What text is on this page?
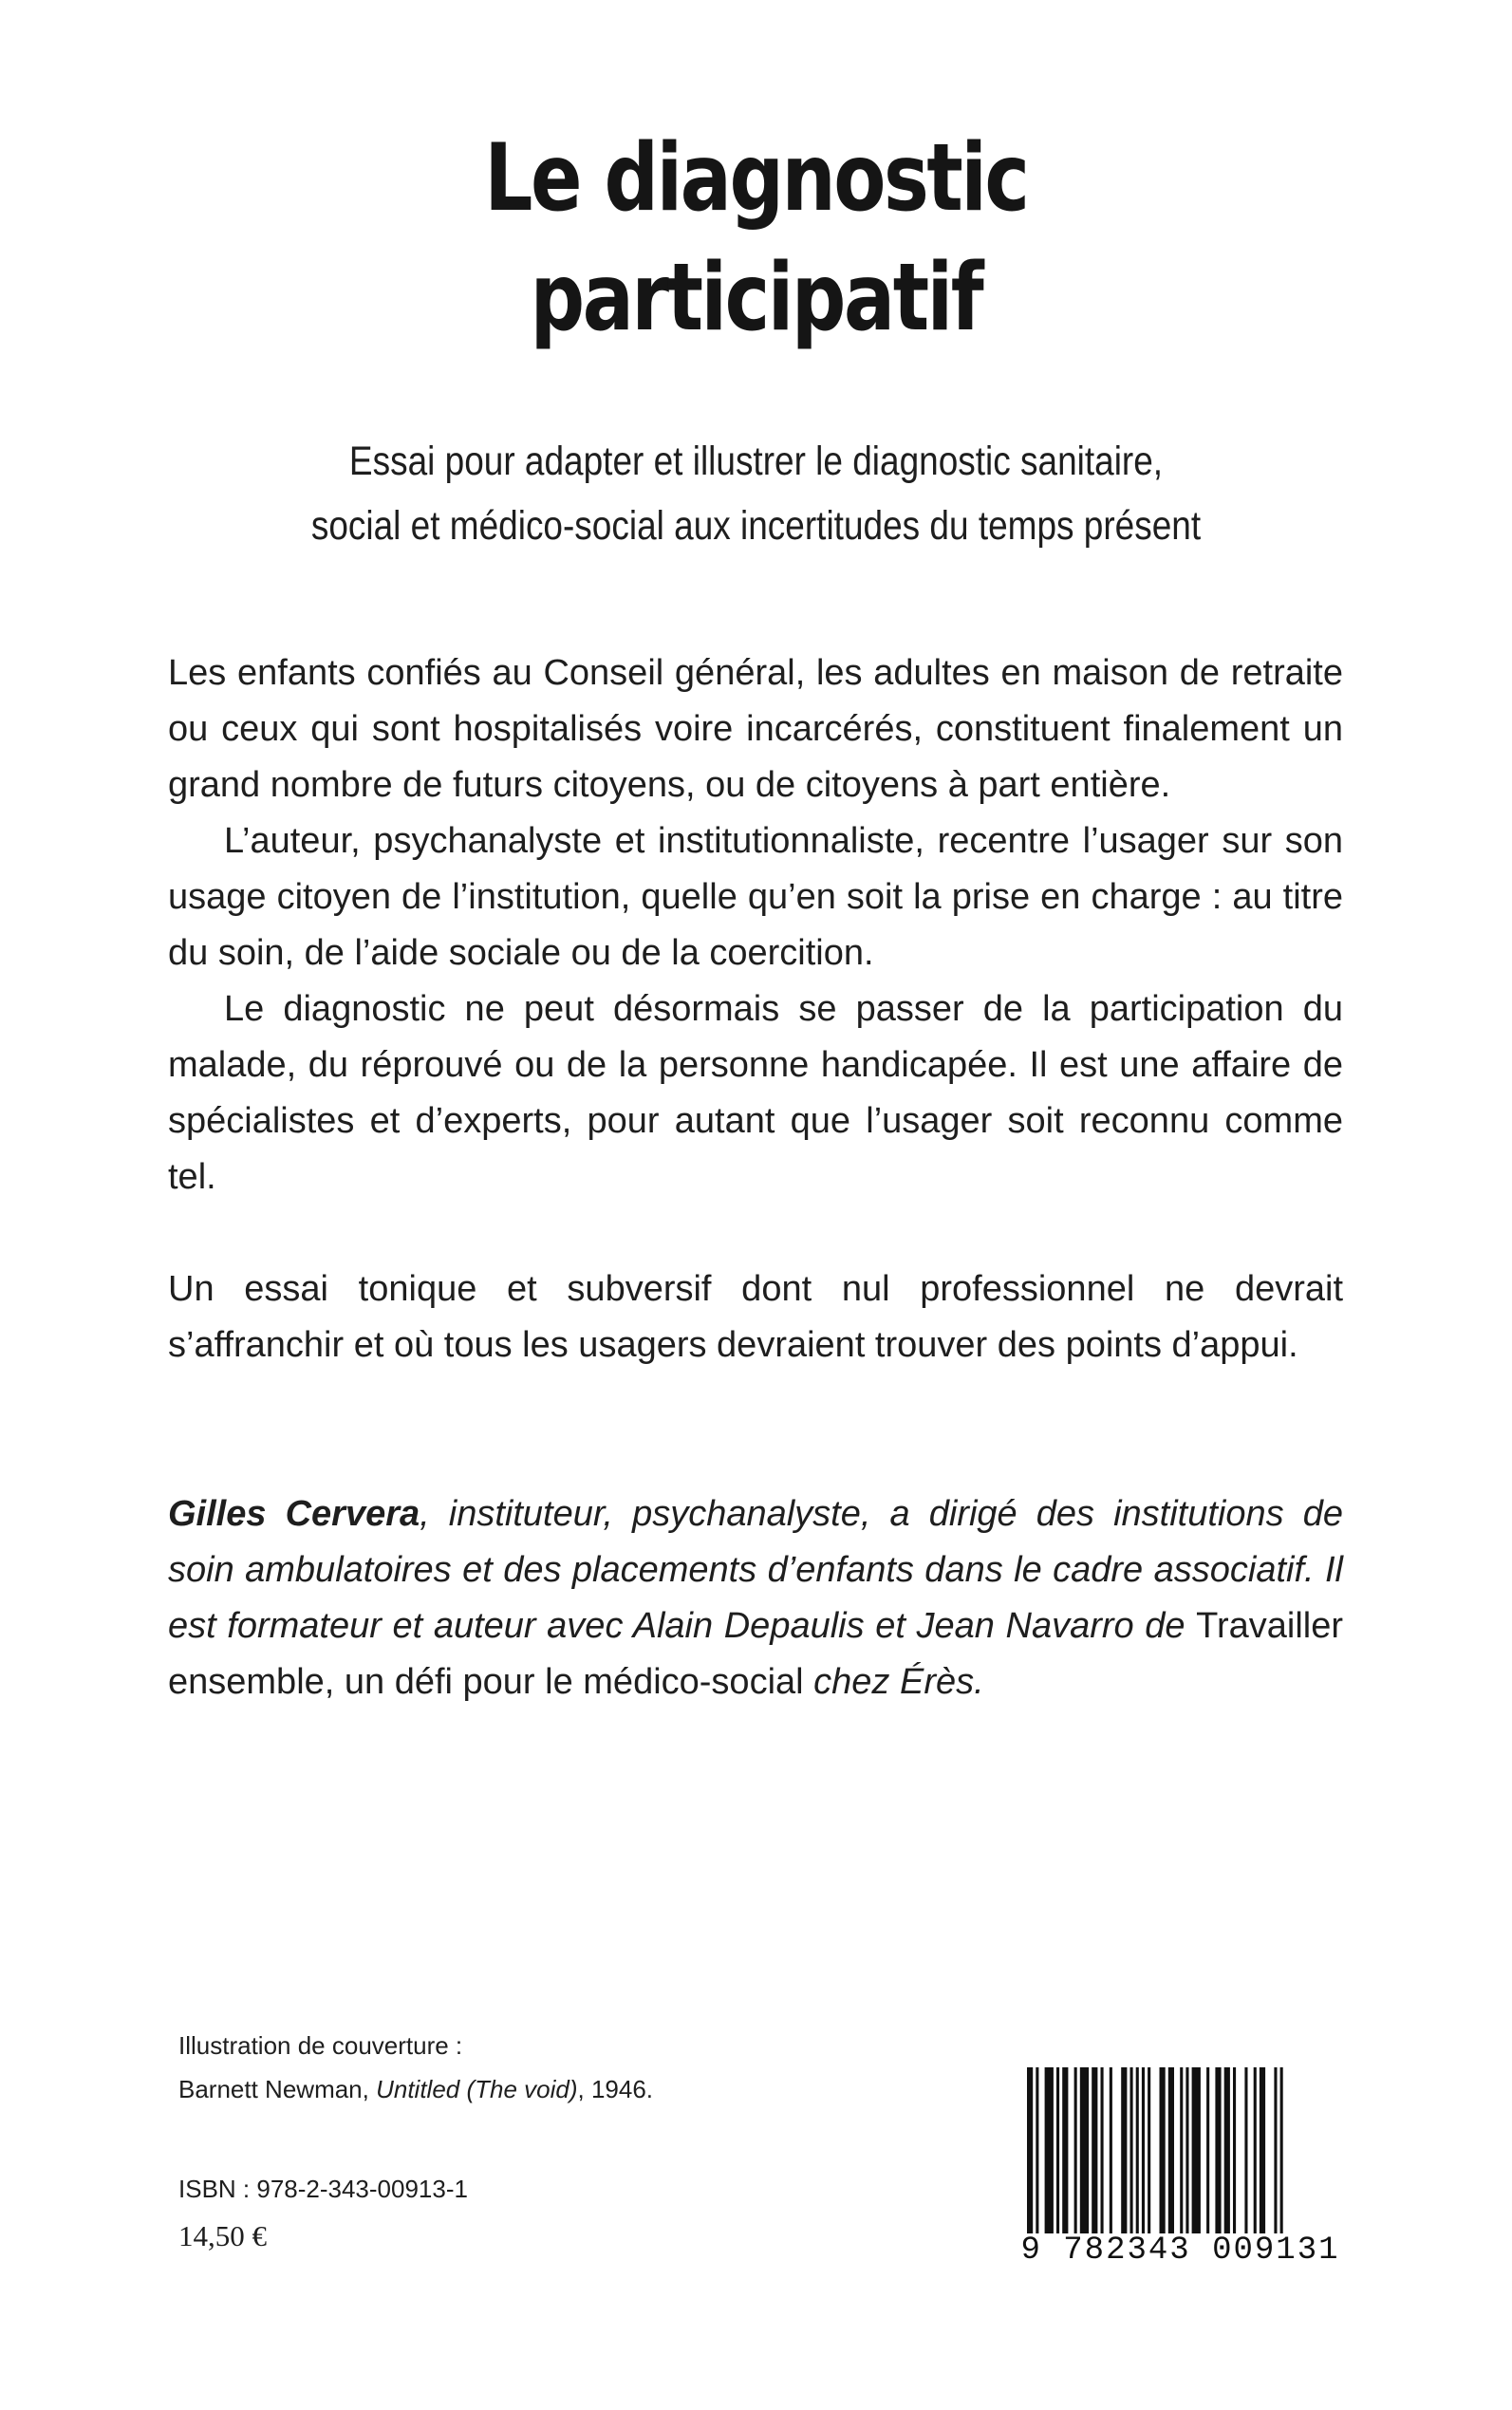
Le diagnostic
participatif
Essai pour adapter et illustrer le diagnostic sanitaire,
social et médico-social aux incertitudes du temps présent

Les enfants confiés au Conseil général, les adultes en maison de retraite ou ceux qui sont hospitalisés voire incarcérés, constituent finalement un grand nombre de futurs citoyens, ou de citoyens à part entière.

L’auteur, psychanalyste et institutionnaliste, recentre l’usager sur son usage citoyen de l’institution, quelle qu’en soit la prise en charge : au titre du soin, de l’aide sociale ou de la coercition.

Le diagnostic ne peut désormais se passer de la participation du malade, du réprouvé ou de la personne handicapée. Il est une affaire de spécialistes et d’experts, pour autant que l’usager soit reconnu comme tel.

Un essai tonique et subversif dont nul professionnel ne devrait s’affranchir et où tous les usagers devraient trouver des points d’appui.

Gilles Cervera, instituteur, psychanalyste, a dirigé des institutions de soin ambulatoires et des placements d’enfants dans le cadre associatif. Il est formateur et auteur avec Alain Depaulis et Jean Navarro de Travailler ensemble, un défi pour le médico-social chez Érès.
Illustration de couverture :
Barnett Newman, Untitled (The void), 1946.
ISBN : 978-2-343-00913-1
14,50 €	9 782343 009131
